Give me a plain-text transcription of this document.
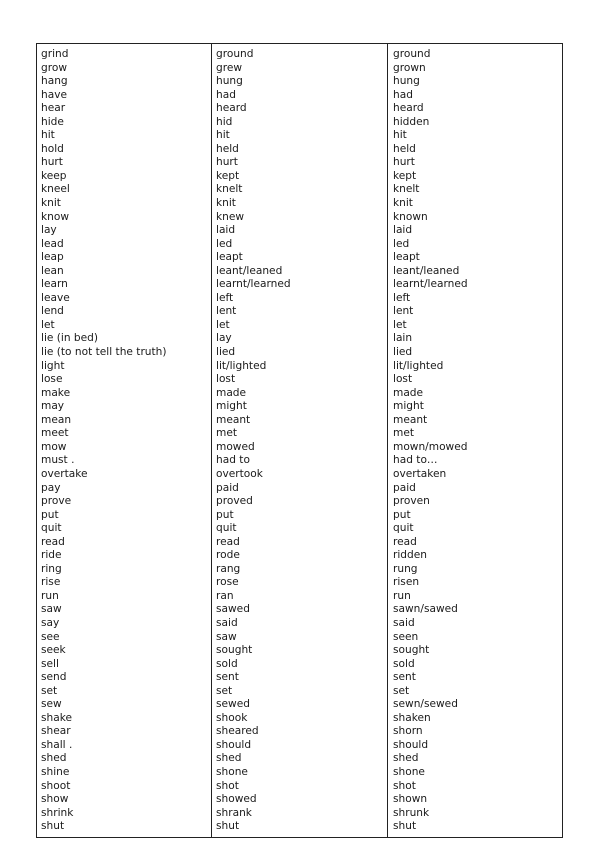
grind	ground	ground
grow	grew	grown
hang	hung	hung
have	had	had
hear	heard	heard
hide	hid	hidden
hit	hit	hit
hold	held	held
hurt	hurt	hurt
keep	kept	kept
kneel	knelt	knelt
knit	knit	knit
know	knew	known
lay	laid	laid
lead	led	led
leap	leapt	leapt
lean	leant/leaned	leant/leaned
learn	learnt/learned	learnt/learned
leave	left	left
lend	lent	lent
let	let	let
lie (in bed)	lay	lain
lie (to not tell the truth)	lied	lied
light	lit/lighted	lit/lighted
lose	lost	lost
make	made	made
may	might	might
mean	meant	meant
meet	met	met
mow	mowed	mown/mowed
must .	had to	had to…
overtake	overtook	overtaken
pay	paid	paid
prove	proved	proven
put	put	put
quit	quit	quit
read	read	read
ride	rode	ridden
ring	rang	rung
rise	rose	risen
run	ran	run
saw	sawed	sawn/sawed
say	said	said
see	saw	seen
seek	sought	sought
sell	sold	sold
send	sent	sent
set	set	set
sew	sewed	sewn/sewed
shake	shook	shaken
shear	sheared	shorn
shall .	should	should
shed	shed	shed
shine	shone	shone
shoot	shot	shot
show	showed	shown
shrink	shrank	shrunk
shut	shut	shut
